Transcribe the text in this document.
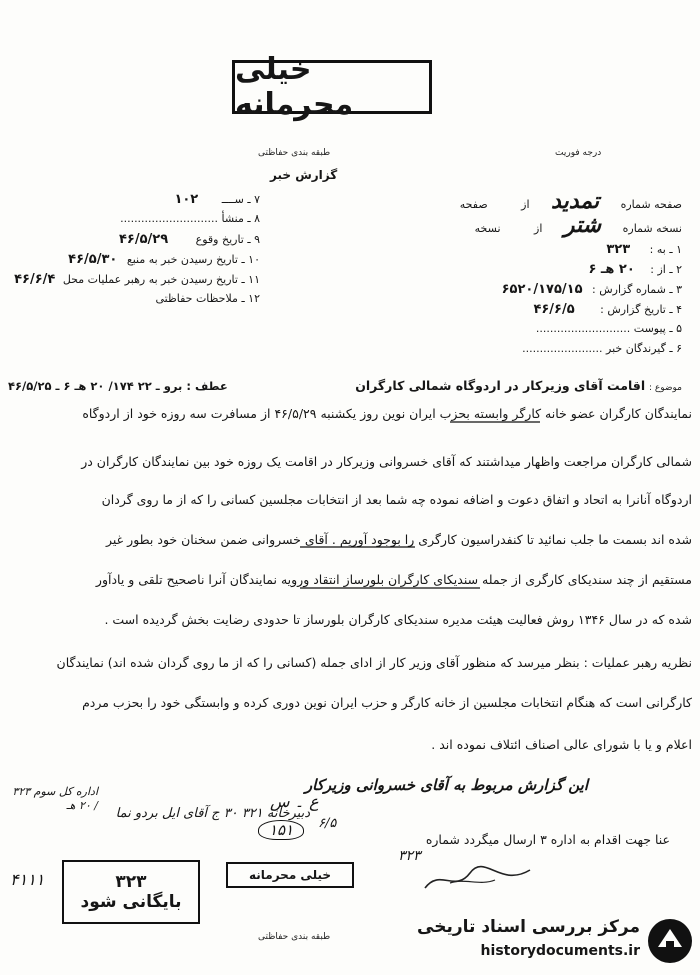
خیلی محرمانه
درجه فوریت
طبقه بندی حفاظتی
گزارش خبر
صفحه شماره تمدید از صفحه
نسخه شماره شتر از نسخه
۱ ـ به : ۳۲۳
۲ ـ از : ۲۰ هـ ۶
۳ ـ شماره گزارش : ۶۵۲۰/۱۷۵/۱۵
۴ ـ تاریخ گزارش : ۴۶/۶/۵
۵ ـ پیوست ...........................
۶ ـ گیرندگان خبر .......................
۷ ـ ســــ ۱۰۲
۸ ـ منشأ ............................
۹ ـ تاریخ وقوع ۴۶/۵/۲۹
۱۰ ـ تاریخ رسیدن خبر به منبع ۴۶/۵/۳۰
۱۱ ـ تاریخ رسیدن خبر به رهبر عملیات محل ۴۶/۶/۴
۱۲ ـ ملاحظات حفاظتی
موضوع : اقامت آقای وزیرکار در اردوگاه شمالی کارگران
عطف : برو ـ ۲۲ ۱۷۴/ ۲۰ هـ ۶ ـ ۴۶/۵/۲۵
نمایندگان کارگران عضو خانه کارگر وابسته بحزب ایران نوین روز یکشنبه ۴۶/۵/۲۹ از مسافرت سه روزه خود از اردوگاه
شمالی کارگران مراجعت واظهار میداشتند که آقای خسروانی وزیرکار در اقامت یک روزه خود بین نمایندگان کارگران در
اردوگاه آنانرا به اتحاد و اتفاق دعوت و اضافه نموده چه شما بعد از انتخابات مجلسین کسانی را که از ما روی گردان
شده اند بسمت ما جلب نمائید تا کنفدراسیون کارگری را بوجود آوریم . آقای خسروانی ضمن سخنان خود بطور غیر
مستقیم از چند سندیکای کارگری از جمله سندیکای کارگران بلورساز انتقاد ورویه نمایندگان آنرا ناصحیح تلقی و یادآور
شده که در سال ۱۳۴۶ روش فعالیت هیئت مدیره سندیکای کارگران بلورساز تا حدودی رضایت بخش گردیده است .
نظریه رهبر عملیات : بنظر میرسد که منظور آقای وزیر کار از ادای جمله (کسانی را که از ما روی گردان شده اند) نمایندگان
کارگرانی است که هنگام انتخابات مجلسین از خانه کارگر و حزب ایران نوین دوری کرده و وابستگی خود را بحزب مردم
اعلام و یا با شورای عالی اصناف ائتلاف نموده اند .
این گزارش مربوط به آقای خسروانی وزیرکار
اداره کل سوم ۳۲۳ / ۲۰ هـ
دبیرخانه ۳۲۱ ۳۰ ج آقای ایل بردو نما
ع ۔ س
۱۵۱	۶/۵
عنا جهت اقدام به اداره ۳ ارسال میگردد شماره
۳۲۳
۳۲۳
بایگانی شود
۴۱۱۱	خیلی محرمانه
طبقه بندی حفاظتی	مرکز بررسی اسناد تاریخی
historydocuments.ir
